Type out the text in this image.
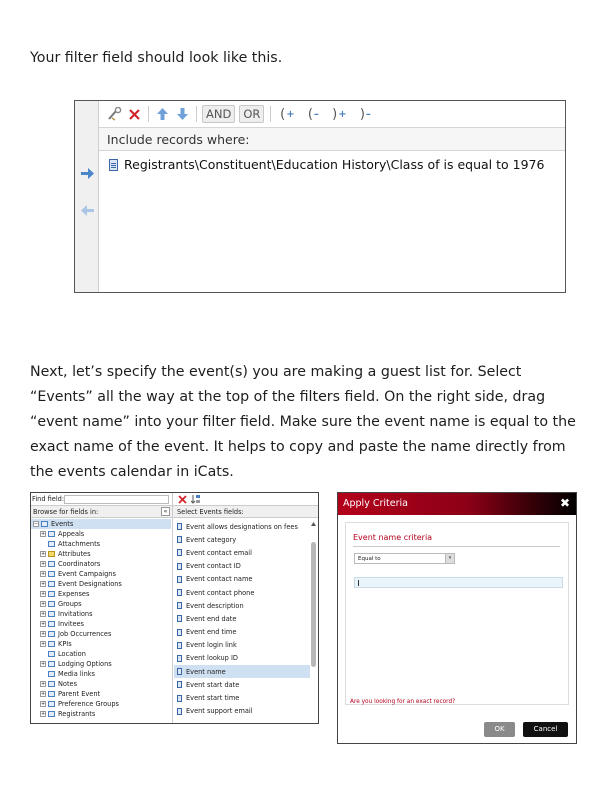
Your filter field should look like this.

AND	OR	( + ( – ) + ) –
Include records where:
Registrants\Constituent\Education History\Class of is equal to 1976

Next, let’s specify the event(s) you are making a guest list for. Select “Events” all the way at the top of the filters field. On the right side, drag “event name” into your filter field. Make sure the event name is equal to the exact name of the event. It helps to copy and paste the name directly from the events calendar in iCats.

Find field:
Browse for fields in:	«	Select Events fields:
− Events
+ Appeals
Attachments
+ Attributes
+ Coordinators
+ Event Campaigns
+ Event Designations
+ Expenses
+ Groups
+ Invitations
+ Invitees
+ Job Occurrences
+ KPIs
Location
+ Lodging Options
Media links
+ Notes
+ Parent Event
+ Preference Groups
+ Registrants
Event allows designations on fees
Event category
Event contact email
Event contact ID
Event contact name
Event contact phone
Event description
Event end date
Event end time
Event login link
Event lookup ID
Event name
Event start date
Event start time
Event support email
Apply Criteria	✖
Event name criteria
Equal to	▾
Are you looking for an exact record?
OK	Cancel
